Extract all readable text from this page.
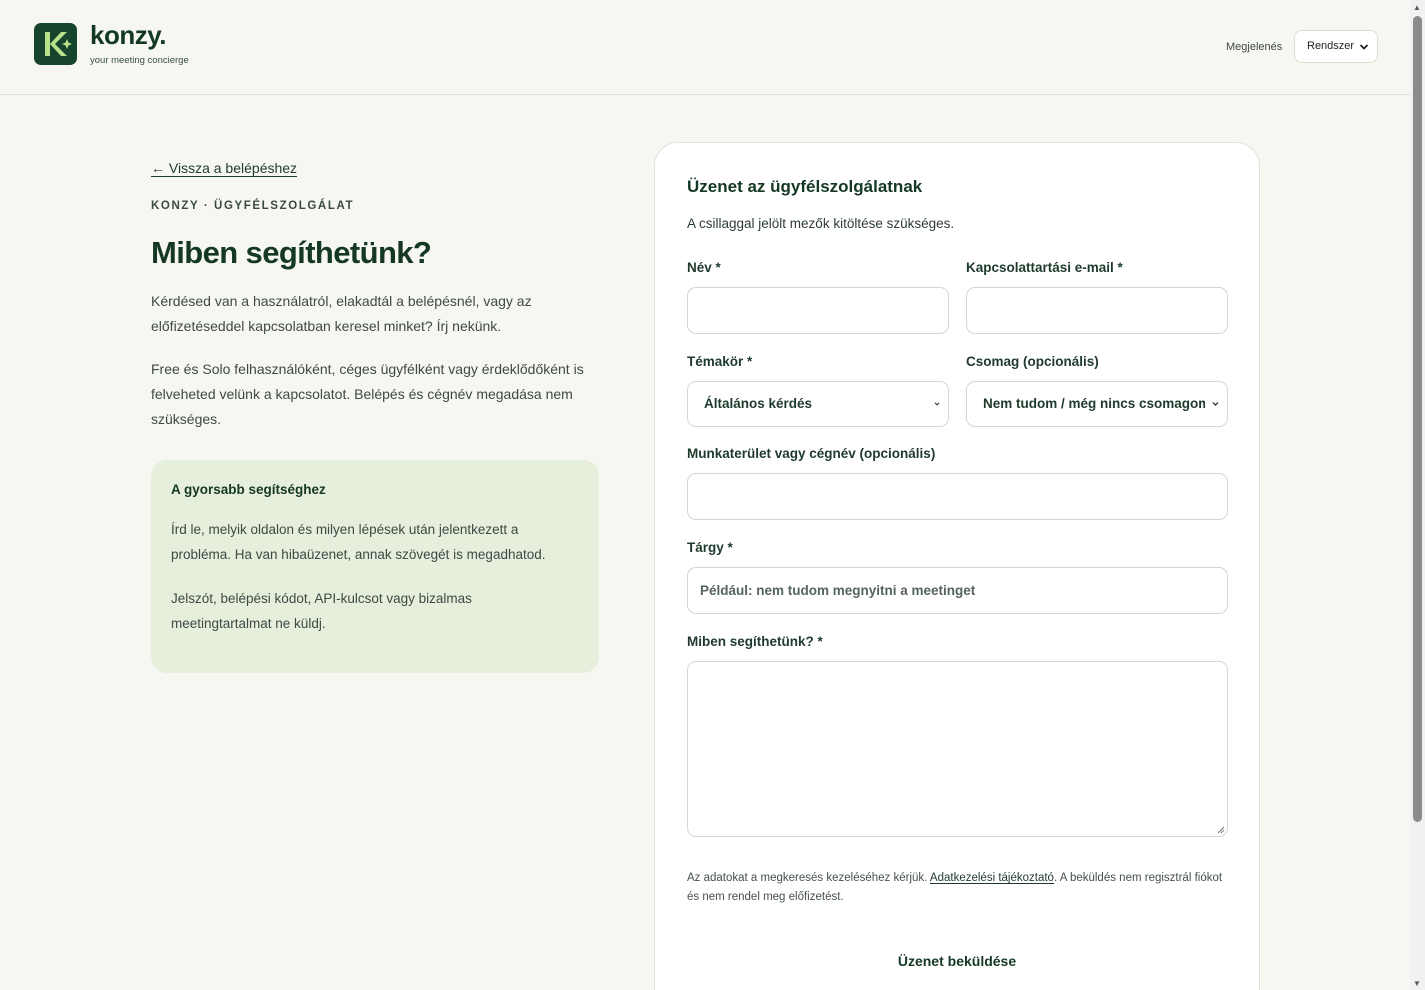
konzy.
your meeting concierge
Megjelenés	Rendszer
▲
▼
← Vissza a belépéshez
KONZY · ÜGYFÉLSZOLGÁLAT
Miben segíthetünk?

Kérdésed van a használatról, elakadtál a belépésnél, vagy az előfizetéseddel kapcsolatban keresel minket? Írj nekünk.

Free és Solo felhasználóként, céges ügyfélként vagy érdeklődőként is felveheted velünk a kapcsolatot. Belépés és cégnév megadása nem szükséges.

A gyorsabb segítséghez

Írd le, melyik oldalon és milyen lépések után jelentkezett a probléma. Ha van hibaüzenet, annak szövegét is megadhatod.

Jelszót, belépési kódot, API-kulcsot vagy bizalmas meetingtartalmat ne küldj.

Üzenet az ügyfélszolgálatnak
A csillaggal jelölt mezők kitöltése szükséges.
Név *	Kapcsolattartási e-mail *
Témakör *
Általános kérdés
Csomag (opcionális)
Nem tudom / még nincs csomagom
Munkaterület vagy cégnév (opcionális)
Tárgy *
Például: nem tudom megnyitni a meetinget
Miben segíthetünk? *

Az adatokat a megkeresés kezeléséhez kérjük. Adatkezelési tájékoztató. A beküldés nem regisztrál fiókot és nem rendel meg előfizetést.

Üzenet beküldése
